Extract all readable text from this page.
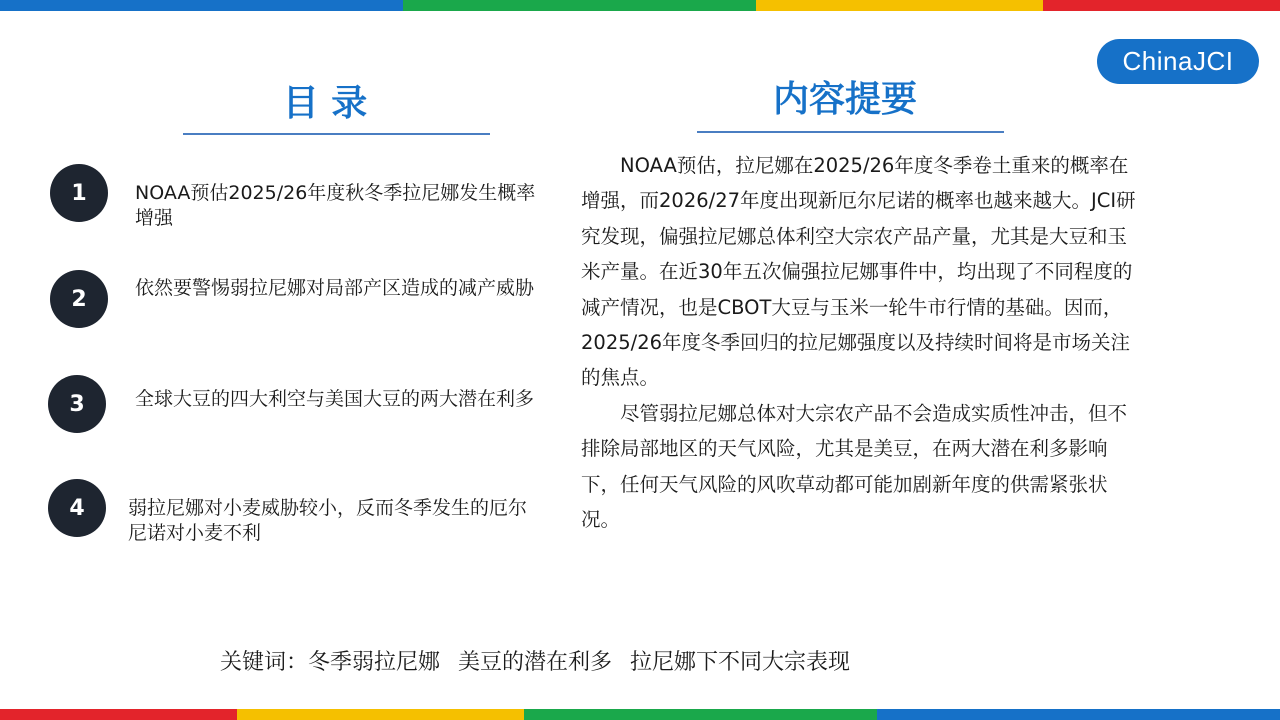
ChinaJCI
目 录	内容提要
1	NOAA预估2025/26年度秋冬季拉尼娜发生概率增强
2	依然要警惕弱拉尼娜对局部产区造成的减产威胁
3	全球大豆的四大利空与美国大豆的两大潜在利多
4	弱拉尼娜对小麦威胁较小，反而冬季发生的厄尔尼诺对小麦不利

NOAA预估，拉尼娜在2025/26年度冬季卷土重来的概率在增强，而2026/27年度出现新厄尔尼诺的概率也越来越大。JCI研究发现，偏强拉尼娜总体利空大宗农产品产量，尤其是大豆和玉米产量。在近30年五次偏强拉尼娜事件中，均出现了不同程度的减产情况，也是CBOT大豆与玉米一轮牛市行情的基础。因而，2025/26年度冬季回归的拉尼娜强度以及持续时间将是市场关注的焦点。

尽管弱拉尼娜总体对大宗农产品不会造成实质性冲击，但不排除局部地区的天气风险，尤其是美豆，在两大潜在利多影响下，任何天气风险的风吹草动都可能加剧新年度的供需紧张状况。

关键词：冬季弱拉尼娜 美豆的潜在利多 拉尼娜下不同大宗表现
